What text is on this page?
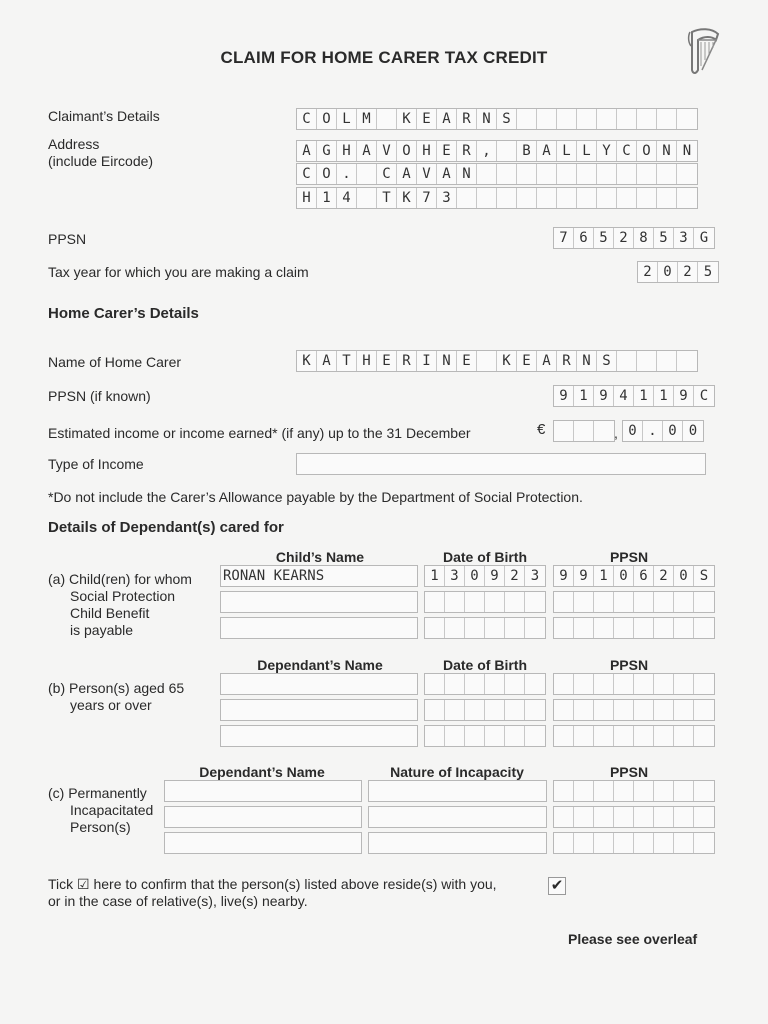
CLAIM FOR HOME CARER TAX CREDIT
Claimant’s Details	C O L M	K E A R N S
Address
(include Eircode)
A G H A V O H E R ,	B A L L Y C O N N
C O .	C A V A N
H 1 4	T K 7 3
PPSN	7 6 5 2 8 5 3 G
Tax year for which you are making a claim	2 0 2 5
Home Carer’s Details
Name of Home Carer	K A T H E R I N E	K E A R N S
PPSN (if known)	9 1 9 4 1 1 9 C
Estimated income or income earned* (if any) up to the 31 December	€	, 0 . 0 0
Type of Income
*Do not include the Carer’s Allowance payable by the Department of Social Protection.
Details of Dependant(s) cared for
Child’s Name	Date of Birth	PPSN
(a) Child(ren) for whom
Social Protection
Child Benefit
is payable
RONAN KEARNS	1 3 0 9 2 3	9 9 1 0 6 2 0 S
Dependant’s Name	Date of Birth	PPSN
(b) Person(s) aged 65
years or over
Dependant’s Name	Nature of Incapacity	PPSN
(c) Permanently
Incapacitated
Person(s)
Tick ☑ here to confirm that the person(s) listed above reside(s) with you,
or in the case of relative(s), live(s) nearby.
✔
Please see overleaf
